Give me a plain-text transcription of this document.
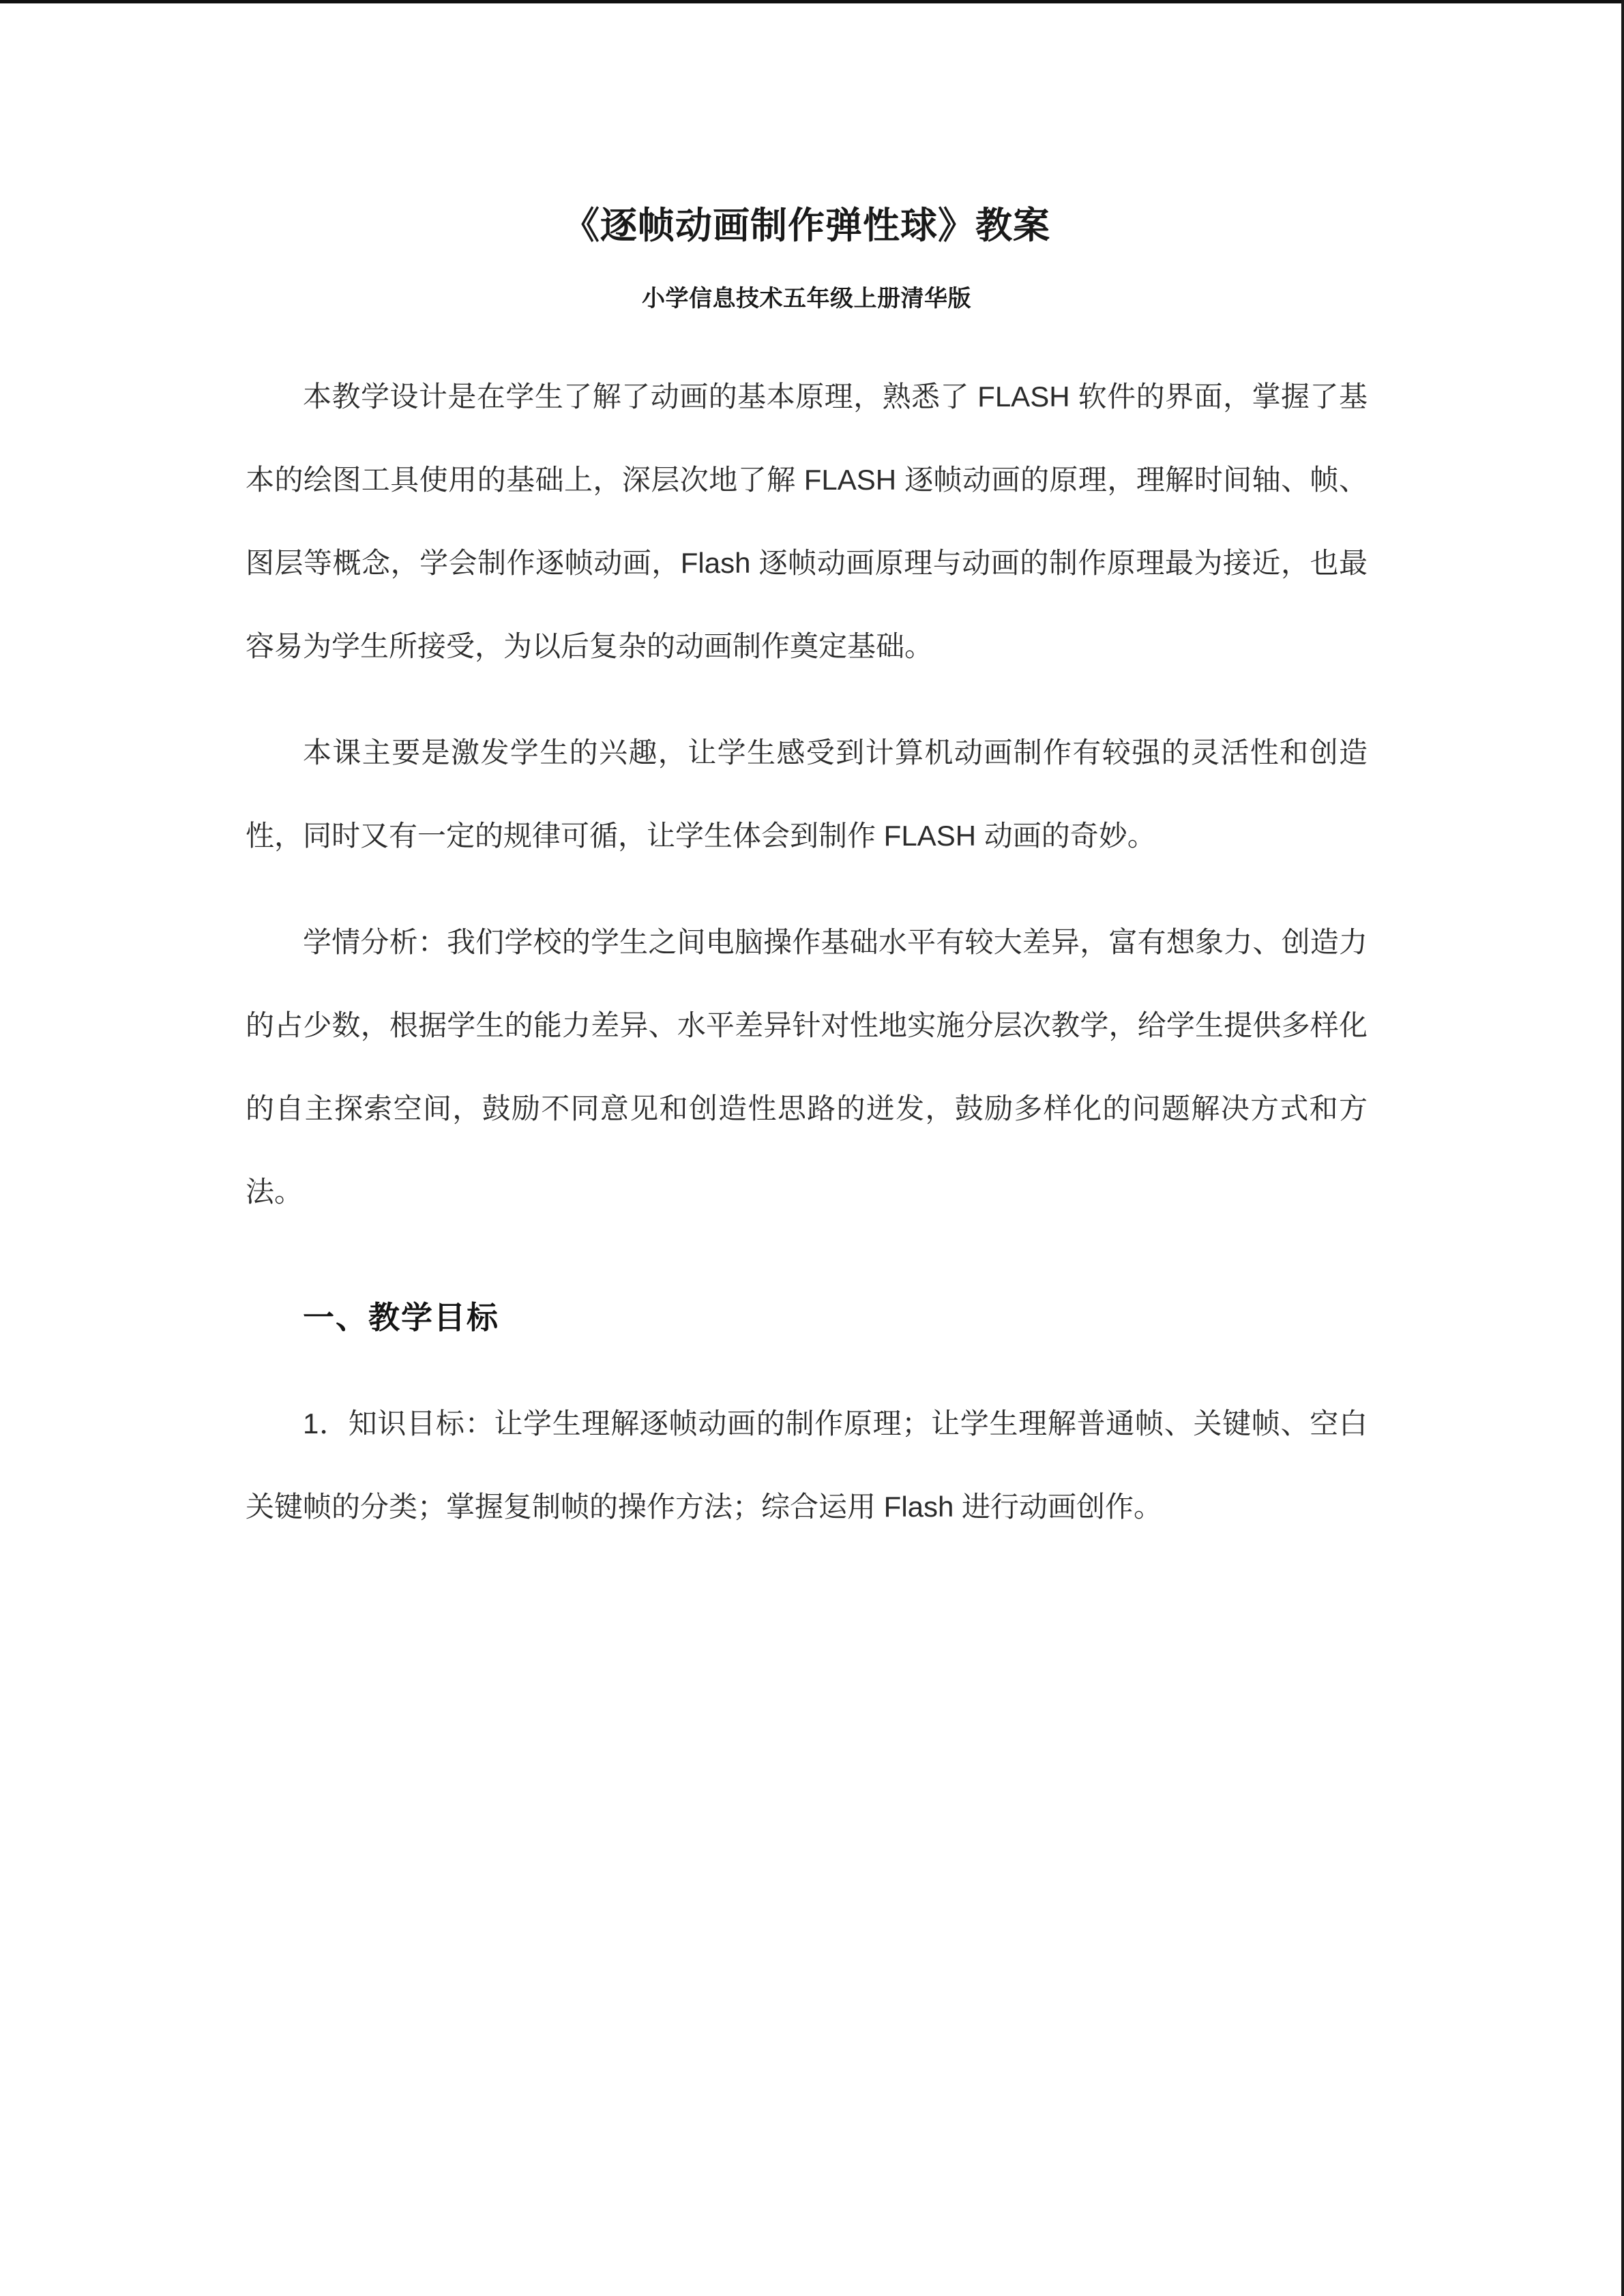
《逐帧动画制作弹性球》教案
小学信息技术五年级上册清华版

本教学设计是在学生了解了动画的基本原理，熟悉了 FLASH 软件的界面，掌握了基本的绘图工具使用的基础上，深层次地了解 FLASH 逐帧动画的原理，理解时间轴、帧、图层等概念，学会制作逐帧动画，Flash 逐帧动画原理与动画的制作原理最为接近，也最容易为学生所接受，为以后复杂的动画制作奠定基础。

本课主要是激发学生的兴趣，让学生感受到计算机动画制作有较强的灵活性和创造性，同时又有一定的规律可循，让学生体会到制作 FLASH 动画的奇妙。

学情分析：我们学校的学生之间电脑操作基础水平有较大差异，富有想象力、创造力的占少数，根据学生的能力差异、水平差异针对性地实施分层次教学，给学生提供多样化的自主探索空间，鼓励不同意见和创造性思路的迸发，鼓励多样化的问题解决方式和方法。

一、教学目标

1．知识目标：让学生理解逐帧动画的制作原理；让学生理解普通帧、关键帧、空白关键帧的分类；掌握复制帧的操作方法；综合运用 Flash 进行动画创作。
